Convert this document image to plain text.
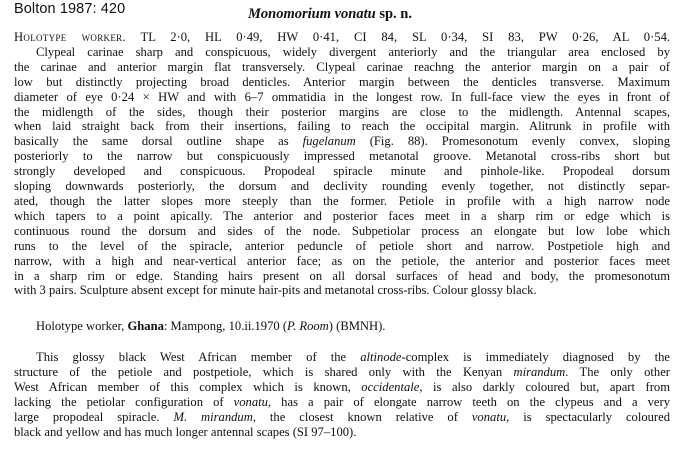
Bolton 1987: 420	Monomorium vonatu sp. n.
Holotype worker. TL 2·0, HL 0·49, HW 0·41, CI 84, SL 0·34, SI 83, PW 0·26, AL 0·54.
Clypeal carinae sharp and conspicuous, widely divergent anteriorly and the triangular area enclosed by
the carinae and anterior margin flat transversely. Clypeal carinae reachng the anterior margin on a pair of
low but distinctly projecting broad denticles. Anterior margin between the denticles transverse. Maximum
diameter of eye 0·24 × HW and with 6–7 ommatidia in the longest row. In full-face view the eyes in front of
the midlength of the sides, though their posterior margins are close to the midlength. Antennal scapes,
when laid straight back from their insertions, failing to reach the occipital margin. Alitrunk in profile with
basically the same dorsal outline shape as fugelanum (Fig. 88). Promesonotum evenly convex, sloping
posteriorly to the narrow but conspicuously impressed metanotal groove. Metanotal cross-ribs short but
strongly developed and conspicuous. Propodeal spiracle minute and pinhole-like. Propodeal dorsum
sloping downwards posteriorly, the dorsum and declivity rounding evenly together, not distinctly separ-
ated, though the latter slopes more steeply than the former. Petiole in profile with a high narrow node
which tapers to a point apically. The anterior and posterior faces meet in a sharp rim or edge which is
continuous round the dorsum and sides of the node. Subpetiolar process an elongate but low lobe which
runs to the level of the spiracle, anterior peduncle of petiole short and narrow. Postpetiole high and
narrow, with a high and near-vertical anterior face; as on the petiole, the anterior and posterior faces meet
in a sharp rim or edge. Standing hairs present on all dorsal surfaces of head and body, the promesonotum
with 3 pairs. Sculpture absent except for minute hair-pits and metanotal cross-ribs. Colour glossy black.
Holotype worker, Ghana: Mampong, 10.ii.1970 (P. Room) (BMNH).
This glossy black West African member of the altinode-complex is immediately diagnosed by the
structure of the petiole and postpetiole, which is shared only with the Kenyan mirandum. The only other
West African member of this complex which is known, occidentale, is also darkly coloured but, apart from
lacking the petiolar configuration of vonatu, has a pair of elongate narrow teeth on the clypeus and a very
large propodeal spiracle. M. mirandum, the closest known relative of vonatu, is spectacularly coloured
black and yellow and has much longer antennal scapes (SI 97–100).
